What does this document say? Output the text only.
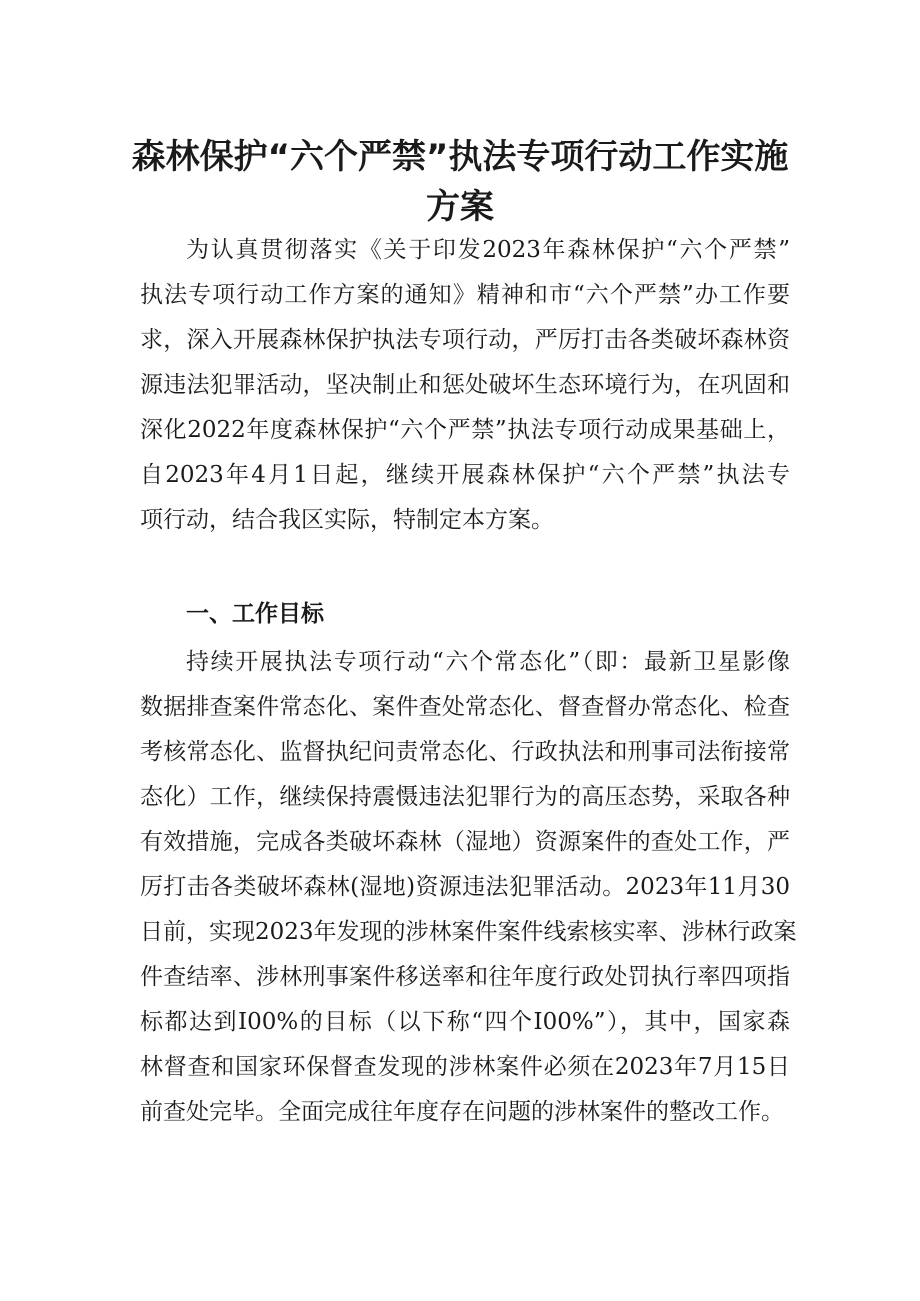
森林保护“六个严禁”执法专项行动工作实施
方案
为认真贯彻落实《关于印发2023年森林保护“六个严禁”
执法专项行动工作方案的通知》精神和市“六个严禁”办工作要
求，深入开展森林保护执法专项行动，严厉打击各类破坏森林资
源违法犯罪活动，坚决制止和惩处破坏生态环境行为，在巩固和
深化2022年度森林保护“六个严禁”执法专项行动成果基础上，
自2023年4月1日起，继续开展森林保护“六个严禁”执法专
项行动，结合我区实际，特制定本方案。
一、工作目标
持续开展执法专项行动“六个常态化”（即：最新卫星影像
数据排查案件常态化、案件查处常态化、督查督办常态化、检查
考核常态化、监督执纪问责常态化、行政执法和刑事司法衔接常
态化）工作，继续保持震慑违法犯罪行为的高压态势，采取各种
有效措施，完成各类破坏森林（湿地）资源案件的查处工作，严
厉打击各类破坏森林(湿地)资源违法犯罪活动。2023年11月30
日前，实现2023年发现的涉林案件案件线索核实率、涉林行政案
件查结率、涉林刑事案件移送率和往年度行政处罚执行率四项指
标都达到I00%的目标（以下称“四个I00%”），其中，国家森
林督查和国家环保督查发现的涉林案件必须在2023年7月15日
前查处完毕。全面完成往年度存在问题的涉林案件的整改工作。
